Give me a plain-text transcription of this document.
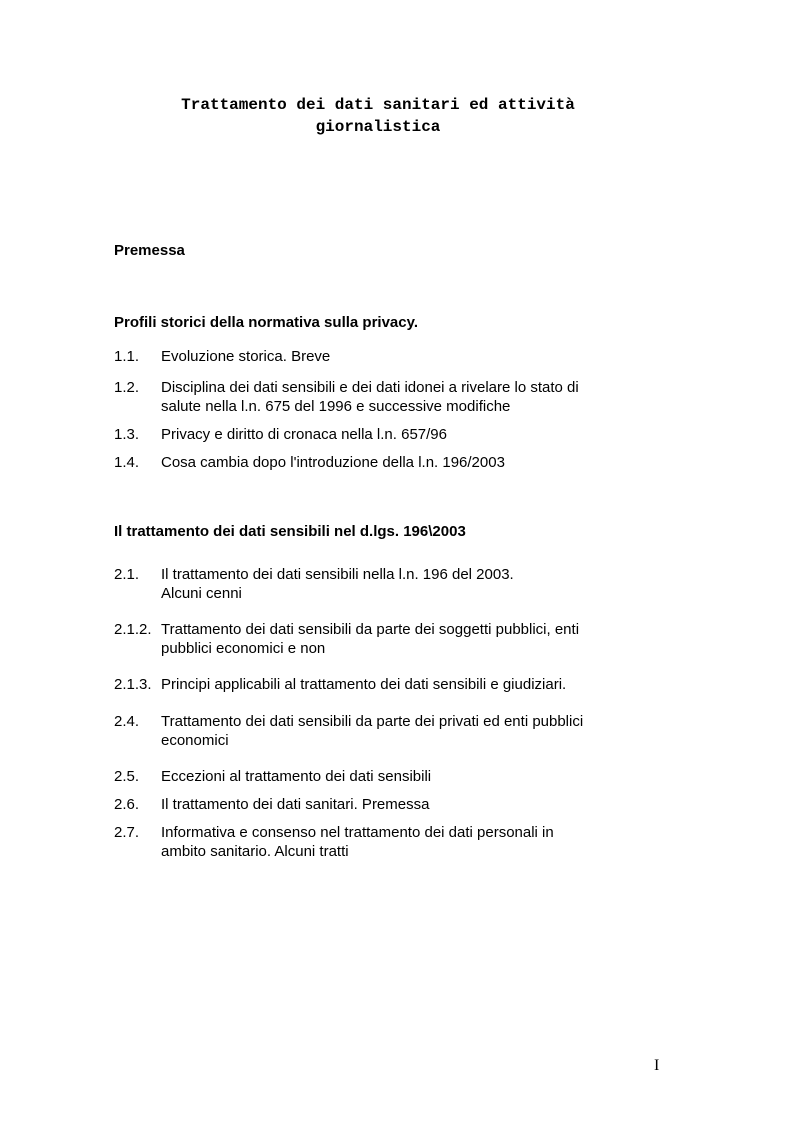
Trattamento dei dati sanitari ed attività
giornalistica
Premessa
Profili storici della normativa sulla privacy.
1.1. Evoluzione storica. Breve
1.2. Disciplina dei dati sensibili e dei dati idonei a rivelare lo stato di
salute nella l.n. 675 del 1996 e successive modifiche
1.3. Privacy e diritto di cronaca nella l.n. 657/96
1.4. Cosa cambia dopo l'introduzione della l.n. 196/2003
Il trattamento dei dati sensibili nel d.lgs. 196\2003
2.1. Il trattamento dei dati sensibili nella l.n. 196 del 2003.
Alcuni cenni
2.1.2. Trattamento dei dati sensibili da parte dei soggetti pubblici, enti
pubblici economici e non
2.1.3. Principi applicabili al trattamento dei dati sensibili e giudiziari.
2.4. Trattamento dei dati sensibili da parte dei privati ed enti pubblici
economici
2.5. Eccezioni al trattamento dei dati sensibili
2.6. Il trattamento dei dati sanitari. Premessa
2.7. Informativa e consenso nel trattamento dei dati personali in
ambito sanitario. Alcuni tratti
I
